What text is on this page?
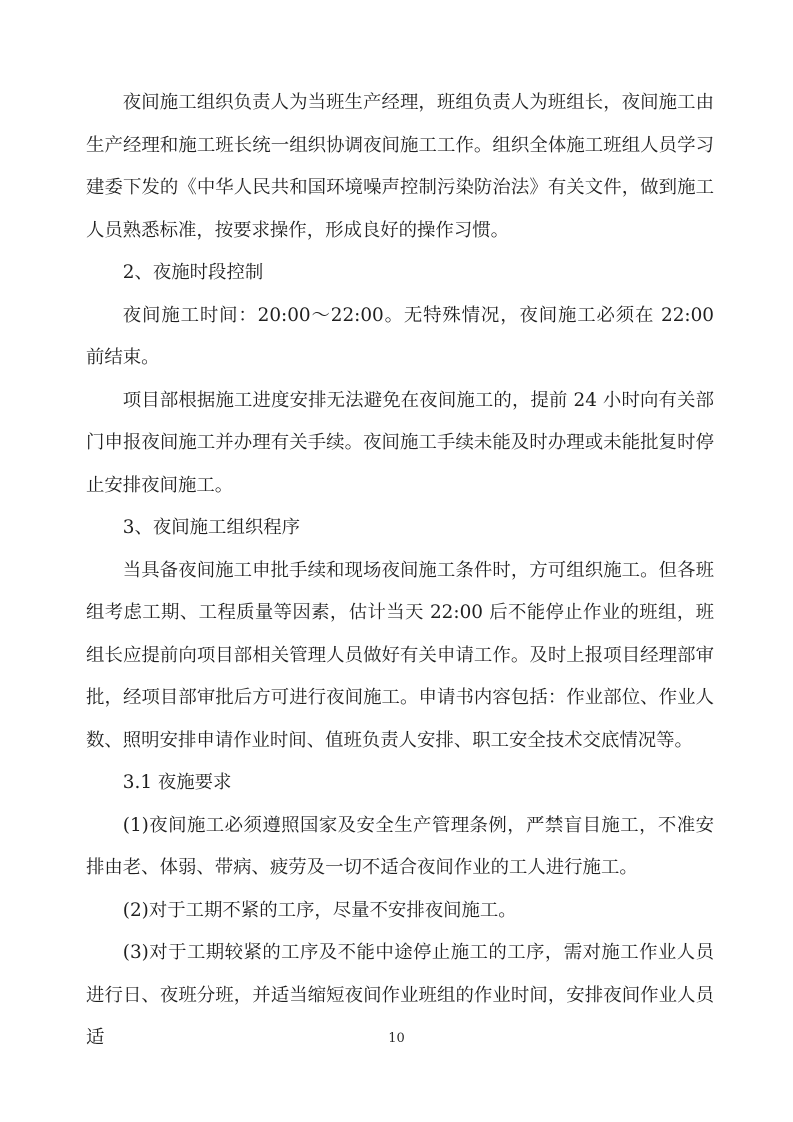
夜间施工组织负责人为当班生产经理，班组负责人为班组长，夜间施工由生产经理和施工班长统一组织协调夜间施工工作。组织全体施工班组人员学习建委下发的《中华人民共和国环境噪声控制污染防治法》有关文件，做到施工人员熟悉标准，按要求操作，形成良好的操作习惯。

2、夜施时段控制

夜间施工时间：20:00～22:00。无特殊情况，夜间施工必须在 22:00 前结束。

项目部根据施工进度安排无法避免在夜间施工的，提前 24 小时向有关部门申报夜间施工并办理有关手续。夜间施工手续未能及时办理或未能批复时停止安排夜间施工。

3、夜间施工组织程序

当具备夜间施工申批手续和现场夜间施工条件时，方可组织施工。但各班组考虑工期、工程质量等因素，估计当天 22:00 后不能停止作业的班组，班组长应提前向项目部相关管理人员做好有关申请工作。及时上报项目经理部审批，经项目部审批后方可进行夜间施工。申请书内容包括：作业部位、作业人数、照明安排申请作业时间、值班负责人安排、职工安全技术交底情况等。

3.1 夜施要求

(1)夜间施工必须遵照国家及安全生产管理条例，严禁盲目施工，不准安排由老、体弱、带病、疲劳及一切不适合夜间作业的工人进行施工。

(2)对于工期不紧的工序，尽量不安排夜间施工。

(3)对于工期较紧的工序及不能中途停止施工的工序，需对施工作业人员进行日、夜班分班，并适当缩短夜间作业班组的作业时间，安排夜间作业人员适	10
